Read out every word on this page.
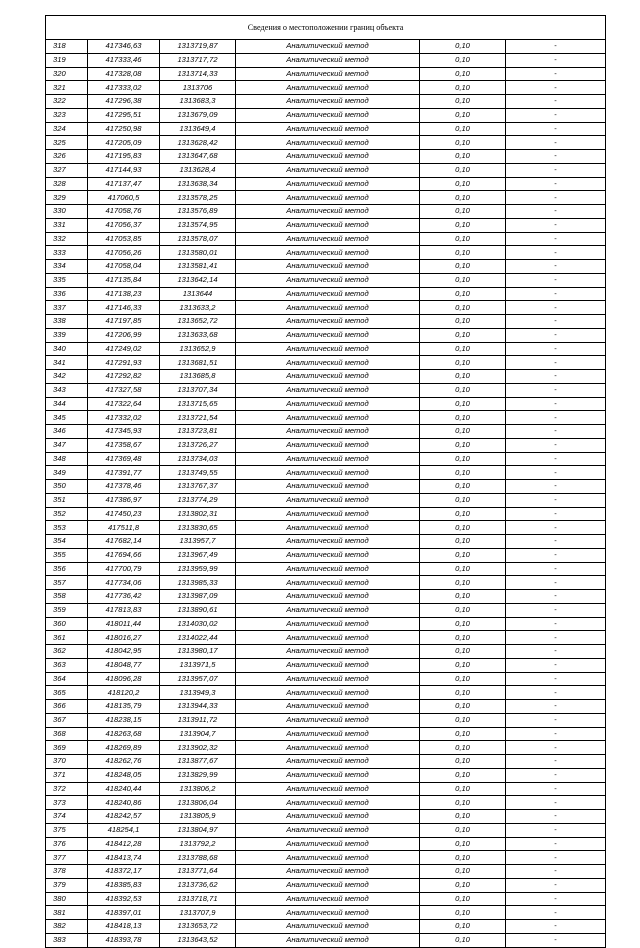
Сведения о местоположении границ объекта					
318	417346,63	1313719,87	Аналитический метод	0,10	-
319	417333,46	1313717,72	Аналитический метод	0,10	-
320	417328,08	1313714,33	Аналитический метод	0,10	-
321	417333,02	1313706	Аналитический метод	0,10	-
322	417296,38	1313683,3	Аналитический метод	0,10	-
323	417295,51	1313679,09	Аналитический метод	0,10	-
324	417250,98	1313649,4	Аналитический метод	0,10	-
325	417205,09	1313628,42	Аналитический метод	0,10	-
326	417195,83	1313647,68	Аналитический метод	0,10	-
327	417144,93	1313628,4	Аналитический метод	0,10	-
328	417137,47	1313638,34	Аналитический метод	0,10	-
329	417060,5	1313578,25	Аналитический метод	0,10	-
330	417058,76	1313576,89	Аналитический метод	0,10	-
331	417056,37	1313574,95	Аналитический метод	0,10	-
332	417053,85	1313578,07	Аналитический метод	0,10	-
333	417056,26	1313580,01	Аналитический метод	0,10	-
334	417058,04	1313581,41	Аналитический метод	0,10	-
335	417135,84	1313642,14	Аналитический метод	0,10	-
336	417138,23	1313644	Аналитический метод	0,10	-
337	417146,33	1313633,2	Аналитический метод	0,10	-
338	417197,85	1313652,72	Аналитический метод	0,10	-
339	417206,99	1313633,68	Аналитический метод	0,10	-
340	417249,02	1313652,9	Аналитический метод	0,10	-
341	417291,93	1313681,51	Аналитический метод	0,10	-
342	417292,82	1313685,8	Аналитический метод	0,10	-
343	417327,58	1313707,34	Аналитический метод	0,10	-
344	417322,64	1313715,65	Аналитический метод	0,10	-
345	417332,02	1313721,54	Аналитический метод	0,10	-
346	417345,93	1313723,81	Аналитический метод	0,10	-
347	417358,67	1313726,27	Аналитический метод	0,10	-
348	417369,48	1313734,03	Аналитический метод	0,10	-
349	417391,77	1313749,55	Аналитический метод	0,10	-
350	417378,46	1313767,37	Аналитический метод	0,10	-
351	417386,97	1313774,29	Аналитический метод	0,10	-
352	417450,23	1313802,31	Аналитический метод	0,10	-
353	417511,8	1313830,65	Аналитический метод	0,10	-
354	417682,14	1313957,7	Аналитический метод	0,10	-
355	417694,66	1313967,49	Аналитический метод	0,10	-
356	417700,79	1313959,99	Аналитический метод	0,10	-
357	417734,06	1313985,33	Аналитический метод	0,10	-
358	417736,42	1313987,09	Аналитический метод	0,10	-
359	417813,83	1313890,61	Аналитический метод	0,10	-
360	418011,44	1314030,02	Аналитический метод	0,10	-
361	418016,27	1314022,44	Аналитический метод	0,10	-
362	418042,95	1313980,17	Аналитический метод	0,10	-
363	418048,77	1313971,5	Аналитический метод	0,10	-
364	418096,28	1313957,07	Аналитический метод	0,10	-
365	418120,2	1313949,3	Аналитический метод	0,10	-
366	418135,79	1313944,33	Аналитический метод	0,10	-
367	418238,15	1313911,72	Аналитический метод	0,10	-
368	418263,68	1313904,7	Аналитический метод	0,10	-
369	418269,89	1313902,32	Аналитический метод	0,10	-
370	418262,76	1313877,67	Аналитический метод	0,10	-
371	418248,05	1313829,99	Аналитический метод	0,10	-
372	418240,44	1313806,2	Аналитический метод	0,10	-
373	418240,86	1313806,04	Аналитический метод	0,10	-
374	418242,57	1313805,9	Аналитический метод	0,10	-
375	418254,1	1313804,97	Аналитический метод	0,10	-
376	418412,28	1313792,2	Аналитический метод	0,10	-
377	418413,74	1313788,68	Аналитический метод	0,10	-
378	418372,17	1313771,64	Аналитический метод	0,10	-
379	418385,83	1313736,62	Аналитический метод	0,10	-
380	418392,53	1313718,71	Аналитический метод	0,10	-
381	418397,01	1313707,9	Аналитический метод	0,10	-
382	418418,13	1313653,72	Аналитический метод	0,10	-
383	418393,78	1313643,52	Аналитический метод	0,10	-
